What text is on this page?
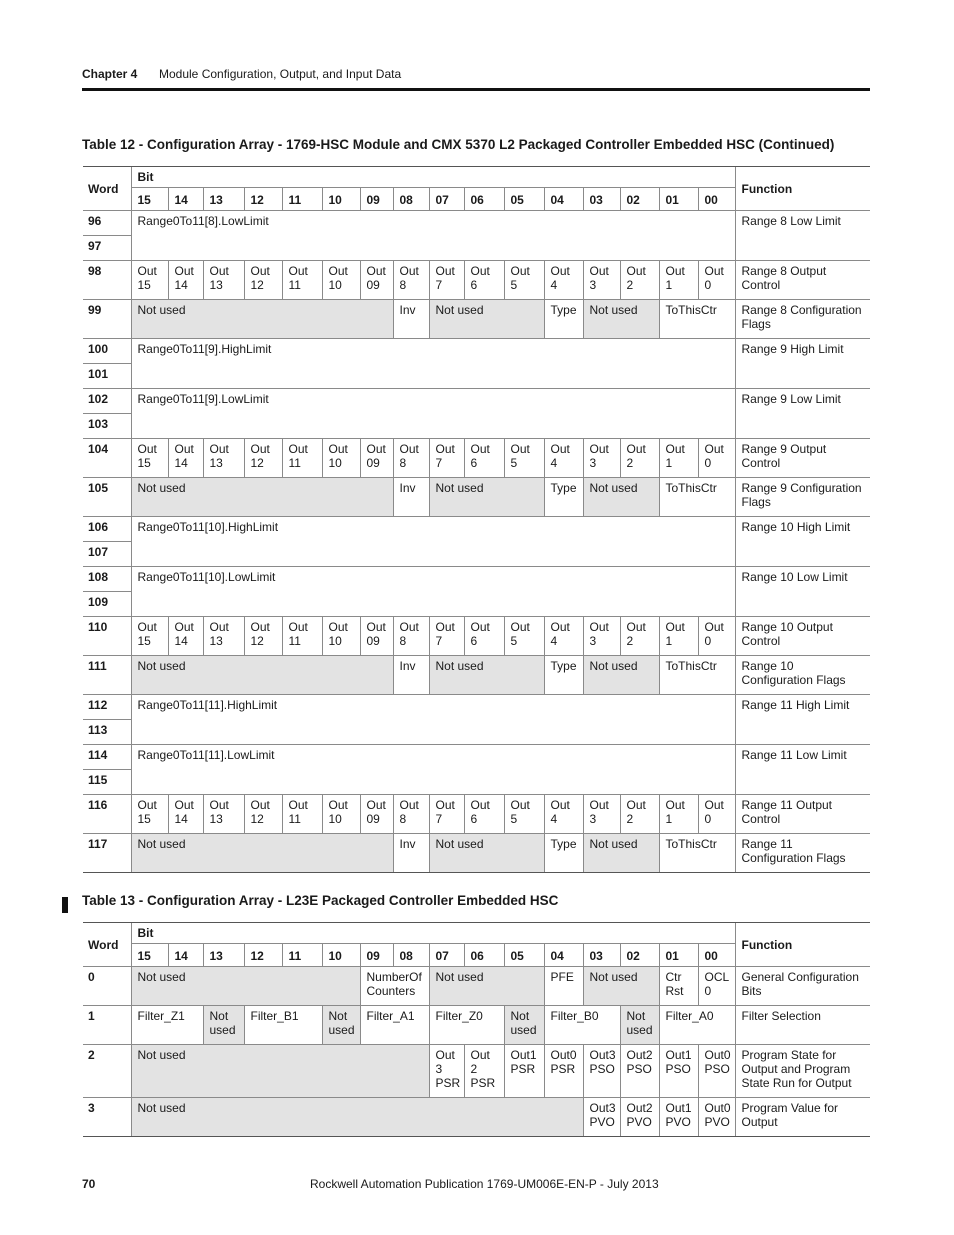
Chapter 4 Module Configuration, Output, and Input Data
Table 12 - Configuration Array - 1769-HSC Module and CMX 5370 L2 Packaged Controller Embedded HSC (Continued)
Word	Bit																Function
	15	14	13	12	11	10	09	08	07	06	05	04	03	02	01	00	
96	Range0To11[8].LowLimit																Range 8 Low Limit
97																	
98	Out 15	Out 14	Out 13	Out 12	Out 11	Out 10	Out 09	Out 8	Out 7	Out 6	Out 5	Out 4	Out 3	Out 2	Out 1	Out 0	Range 8 Output Control
99	Not used							Inv	Not used			Type	Not used		ToThisCtr		Range 8 Configuration Flags
100	Range0To11[9].HighLimit																Range 9 High Limit
101																	
102	Range0To11[9].LowLimit																Range 9 Low Limit
103																	
104	Out 15	Out 14	Out 13	Out 12	Out 11	Out 10	Out 09	Out 8	Out 7	Out 6	Out 5	Out 4	Out 3	Out 2	Out 1	Out 0	Range 9 Output Control
105	Not used							Inv	Not used			Type	Not used		ToThisCtr		Range 9 Configuration Flags
106	Range0To11[10].HighLimit																Range 10 High Limit
107																	
108	Range0To11[10].LowLimit																Range 10 Low Limit
109																	
110	Out 15	Out 14	Out 13	Out 12	Out 11	Out 10	Out 09	Out 8	Out 7	Out 6	Out 5	Out 4	Out 3	Out 2	Out 1	Out 0	Range 10 Output Control
111	Not used							Inv	Not used			Type	Not used		ToThisCtr		Range 10 Configuration Flags
112	Range0To11[11].HighLimit																Range 11 High Limit
113																	
114	Range0To11[11].LowLimit																Range 11 Low Limit
115																	
116	Out 15	Out 14	Out 13	Out 12	Out 11	Out 10	Out 09	Out 8	Out 7	Out 6	Out 5	Out 4	Out 3	Out 2	Out 1	Out 0	Range 11 Output Control
117	Not used							Inv	Not used			Type	Not used		ToThisCtr		Range 11 Configuration Flags
Table 13 - Configuration Array - L23E Packaged Controller Embedded HSC
Word	Bit																Function
	15	14	13	12	11	10	09	08	07	06	05	04	03	02	01	00	
0	Not used						NumberOf Counters		Not used			PFE	Not used		Ctr Rst	OCL 0	General Configuration Bits
1	Filter_Z1		Not used	Filter_B1		Not used	Filter_A1		Filter_Z0		Not used	Filter_B0		Not used	Filter_A0		Filter Selection
2	Not used								Out 3 PSR	Out 2 PSR	Out1 PSR	Out0 PSR	Out3 PSO	Out2 PSO	Out1 PSO	Out0 PSO	Program State for Output and Program State Run for Output
3	Not used												Out3 PVO	Out2 PVO	Out1 PVO	Out0 PVO	Program Value for Output
70	Rockwell Automation Publication 1769-UM006E-EN-P - July 2013
